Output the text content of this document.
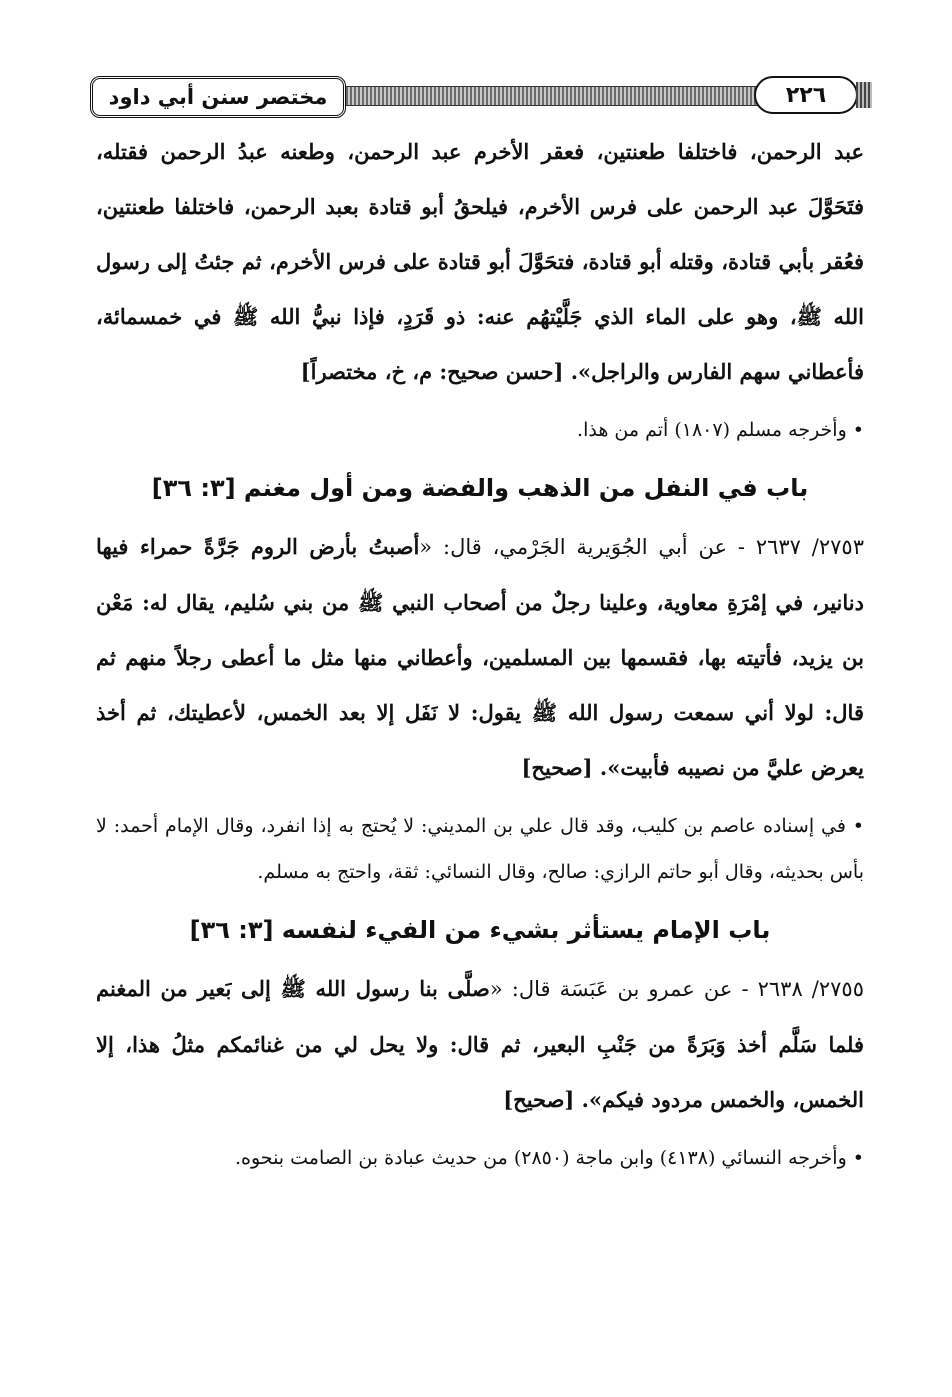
مختصر سنن أبي داود	٢٢٦

عبد الرحمن، فاختلفا طعنتين، فعقر الأخرم عبد الرحمن، وطعنه عبدُ الرحمن فقتله، فتَحَوَّلَ عبد الرحمن على فرس الأخرم، فيلحقُ أبو قتادة بعبد الرحمن، فاختلفا طعنتين، فعُقر بأبي قتادة، وقتله أبو قتادة، فتحَوَّلَ أبو قتادة على فرس الأخرم، ثم جئتُ إلى رسول الله ﷺ، وهو على الماء الذي جَلَّيْتهُم عنه: ذو قَرَدٍ، فإذا نبيُّ الله ﷺ في خمسمائة، فأعطاني سهم الفارس والراجل». [حسن صحيح: م، خ، مختصراً]

• وأخرجه مسلم (١٨٠٧) أتم من هذا.

باب في النفل من الذهب والفضة ومن أول مغنم [٣: ٣٦]

٢٧٥٣/ ٢٦٣٧ - عن أبي الجُوَيرية الجَرْمي، قال: «أصبتُ بأرض الروم جَرَّةً حمراء فيها دنانير، في إمْرَةِ معاوية، وعلينا رجلٌ من أصحاب النبي ﷺ من بني سُليم، يقال له: مَعْن بن يزيد، فأتيته بها، فقسمها بين المسلمين، وأعطاني منها مثل ما أعطى رجلاً منهم ثم قال: لولا أني سمعت رسول الله ﷺ يقول: لا نَفَل إلا بعد الخمس، لأعطيتك، ثم أخذ يعرض عليَّ من نصيبه فأبيت». [صحيح]

• في إسناده عاصم بن كليب، وقد قال علي بن المديني: لا يُحتج به إذا انفرد، وقال الإمام أحمد: لا بأس بحديثه، وقال أبو حاتم الرازي: صالح، وقال النسائي: ثقة، واحتج به مسلم.

باب الإمام يستأثر بشيء من الفيء لنفسه [٣: ٣٦]

٢٧٥٥/ ٢٦٣٨ - عن عمرو بن عَبَسَة قال: «صلَّى بنا رسول الله ﷺ إلى بَعير من المغنم فلما سَلَّم أخذ وَبَرَةً من جَنْبِ البعير، ثم قال: ولا يحل لي من غنائمكم مثلُ هذا، إلا الخمس، والخمس مردود فيكم». [صحيح]

• وأخرجه النسائي (٤١٣٨) وابن ماجة (٢٨٥٠) من حديث عبادة بن الصامت بنحوه.
